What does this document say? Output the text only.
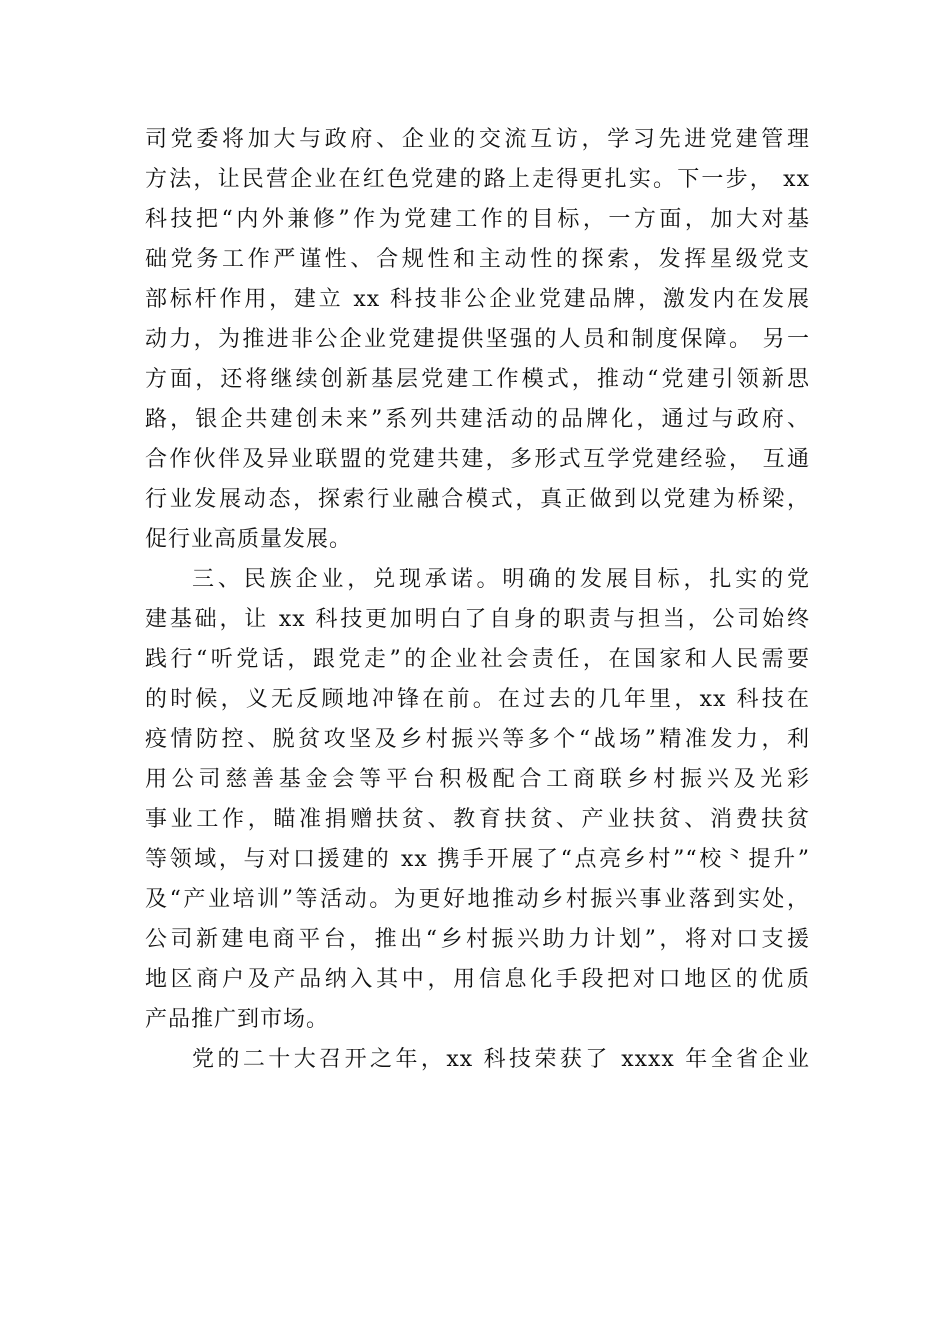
司党委将加大与政府、企业的交流互访，学习先进党建管理
方法，让民营企业在红色党建的路上走得更扎实。下一步， xx
科技把“内外兼修”作为党建工作的目标，一方面，加大对基
础党务工作严谨性、合规性和主动性的探索，发挥星级党支
部标杆作用，建立 xx 科技非公企业党建品牌，激发内在发展
动力，为推进非公企业党建提供坚强的人员和制度保障。 另一
方面，还将继续创新基层党建工作模式，推动“党建引领新思
路，银企共建创未来”系列共建活动的品牌化，通过与政府、
合作伙伴及异业联盟的党建共建，多形式互学党建经验， 互通
行业发展动态，探索行业融合模式，真正做到以党建为桥梁，
促行业高质量发展。
三、民族企业，兑现承诺。明确的发展目标，扎实的党
建基础，让 xx 科技更加明白了自身的职责与担当，公司始终
践行“听党话，跟党走”的企业社会责任，在国家和人民需要
的时候，义无反顾地冲锋在前。在过去的几年里，xx 科技在
疫情防控、脱贫攻坚及乡村振兴等多个“战场”精准发力，利
用公司慈善基金会等平台积极配合工商联乡村振兴及光彩
事业工作，瞄准捐赠扶贫、教育扶贫、产业扶贫、消费扶贫
等领域，与对口援建的 xx 携手开展了“点亮乡村”“校⺀提升”
及“产业培训”等活动。为更好地推动乡村振兴事业落到实处，
公司新建电商平台，推出“乡村振兴助力计划”，将对口支援
地区商户及产品纳入其中，用信息化手段把对口地区的优质
产品推广到市场。
党的二十大召开之年，xx 科技荣获了 xxxx 年全省企业
